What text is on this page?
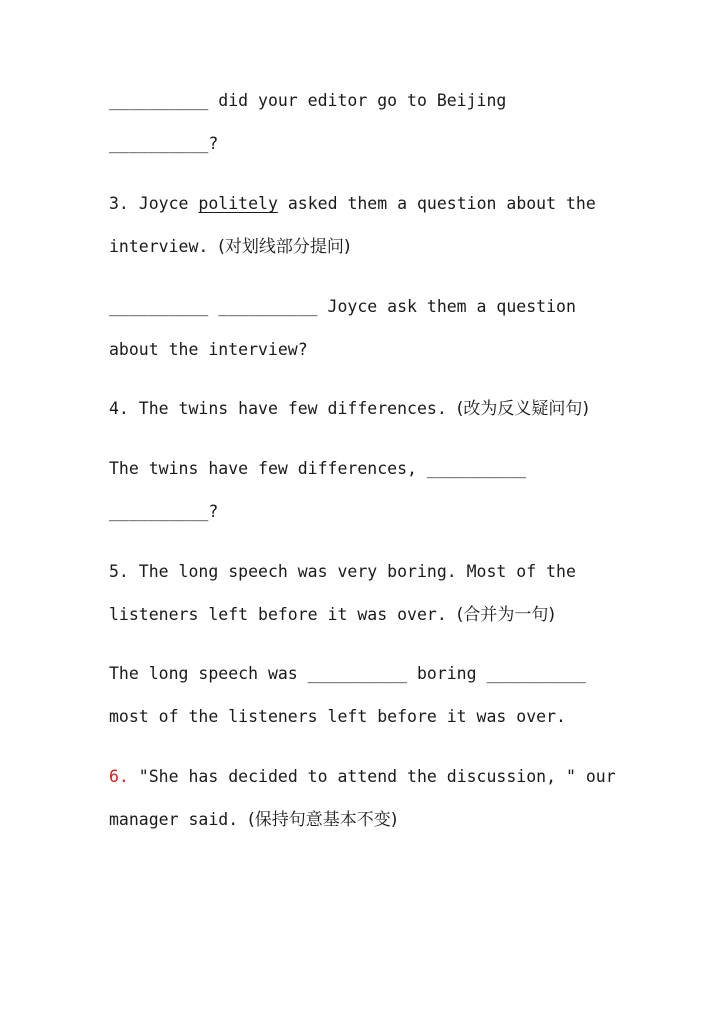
__________ did your editor go to Beijing
__________?
3. Joyce politely asked them a question about the
interview. (对划线部分提问)
__________ __________ Joyce ask them a question
about the interview?
4. The twins have few differences. (改为反义疑问句)
The twins have few differences, __________
__________?
5. The long speech was very boring. Most of the
listeners left before it was over. (合并为一句)
The long speech was __________ boring __________
most of the listeners left before it was over.
6. "She has decided to attend the discussion, " our
manager said. (保持句意基本不变)
